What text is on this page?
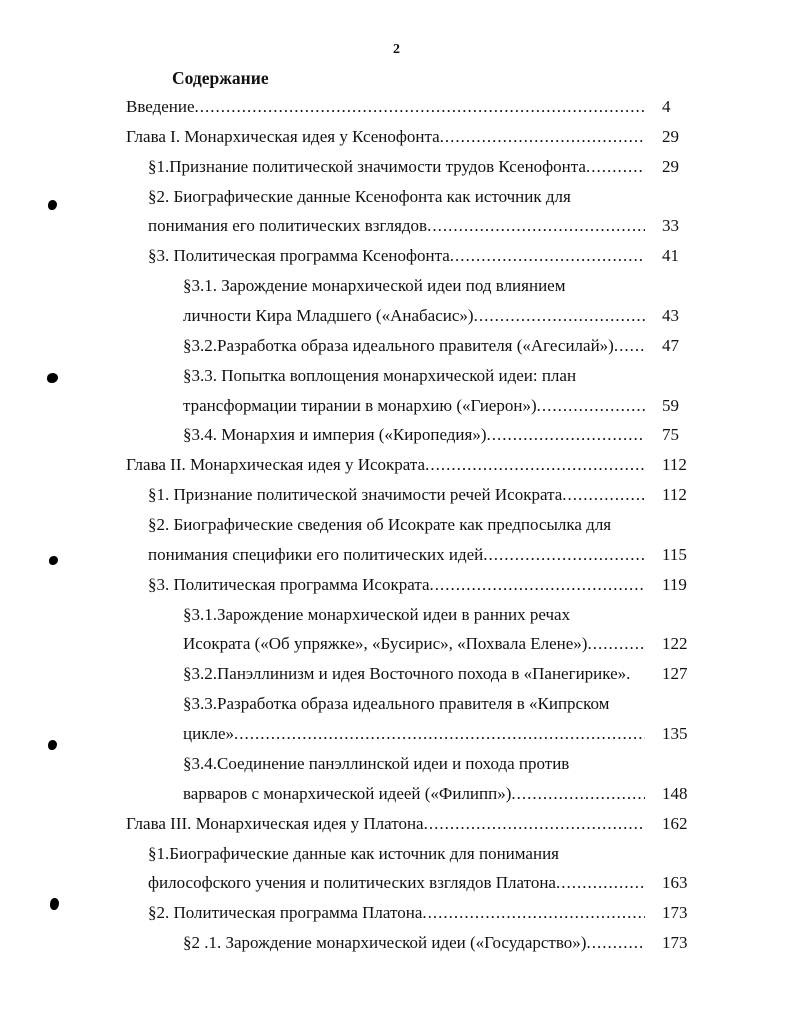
2
Содержание
Введение .....	4
Глава I. Монархическая идея у Ксенофонта .....	29
§1.Признание политической значимости трудов Ксенофонта .....	29
§2. Биографические данные Ксенофонта как источник для
понимания его политических взглядов .....	33
§3. Политическая программа Ксенофонта .....	41
§3.1. Зарождение монархической идеи под влиянием
личности Кира Младшего («Анабасис») .....	43
§3.2.Разработка образа идеального правителя («Агесилай») .....	47
§3.3. Попытка воплощения монархической идеи: план
трансформации тирании в монархию («Гиерон») .....	59
§3.4. Монархия и империя («Киропедия») .....	75
Глава II. Монархическая идея у Исократа .....	112
§1. Признание политической значимости речей Исократа .....	112
§2. Биографические сведения об Исократе как предпосылка для
понимания специфики его политических идей .....	115
§3. Политическая программа Исократа .....	119
§3.1.Зарождение монархической идеи в ранних речах
Исократа («Об упряжке», «Бусирис», «Похвала Елене») .....	122
§3.2.Панэллинизм и идея Восточного похода в «Панегирике». 127
§3.3.Разработка образа идеального правителя в «Кипрском
цикле» .....	135
§3.4.Соединение панэллинской идеи и похода против
варваров с монархической идеей («Филипп») .....	148
Глава III. Монархическая идея у Платона .....	162
§1.Биографические данные как источник для понимания
философского учения и политических взглядов Платона .....	163
§2. Политическая программа Платона .....	173
§2 .1. Зарождение монархической идеи («Государство») .....	173
